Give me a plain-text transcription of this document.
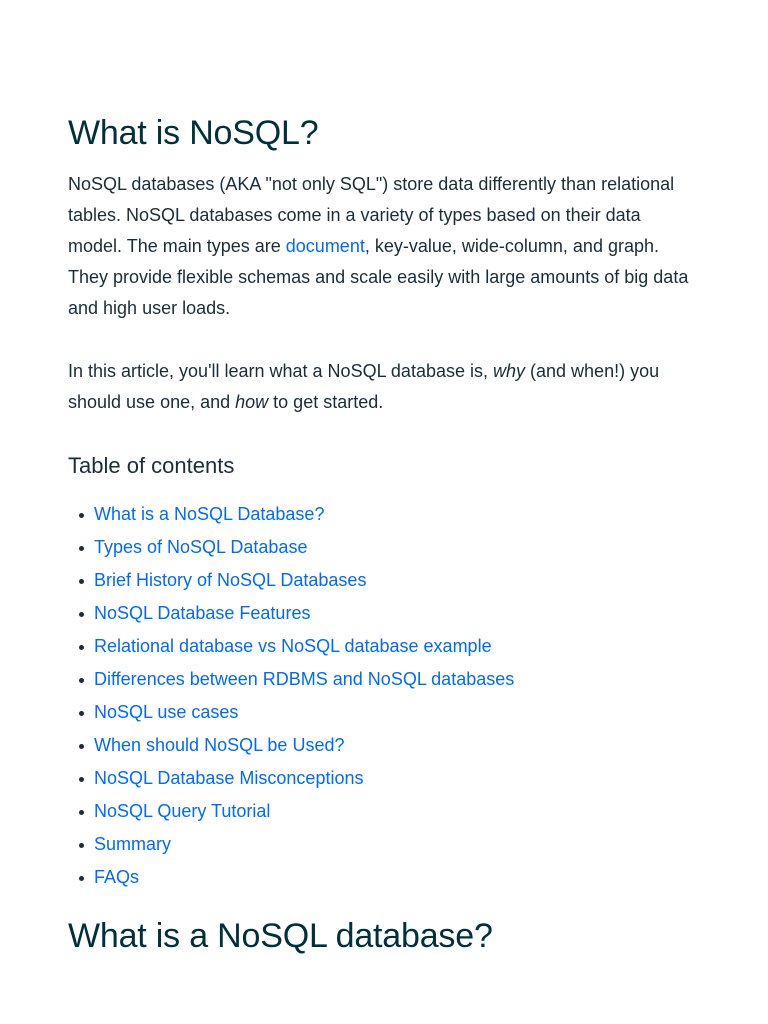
What is NoSQL?

NoSQL databases (AKA "not only SQL") store data differently than relational tables. NoSQL databases come in a variety of types based on their data model. The main types are document, key-value, wide-column, and graph. They provide flexible schemas and scale easily with large amounts of big data and high user loads.

In this article, you'll learn what a NoSQL database is, why (and when!) you should use one, and how to get started.

Table of contents
What is a NoSQL Database?
Types of NoSQL Database
Brief History of NoSQL Databases
NoSQL Database Features
Relational database vs NoSQL database example
Differences between RDBMS and NoSQL databases
NoSQL use cases
When should NoSQL be Used?
NoSQL Database Misconceptions
NoSQL Query Tutorial
Summary
FAQs
What is a NoSQL database?
